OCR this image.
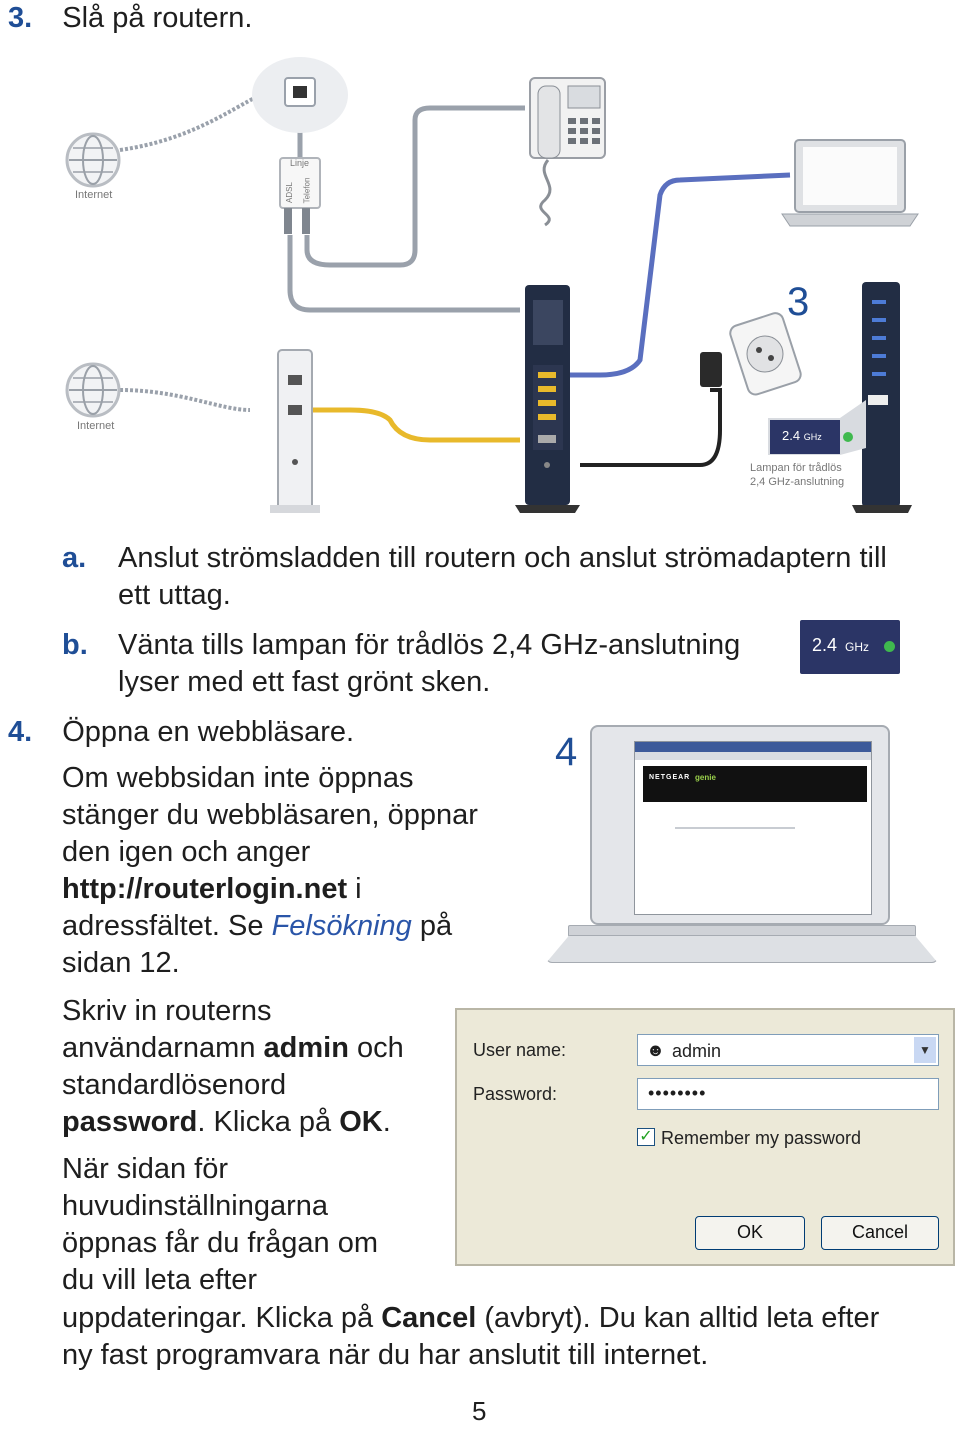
3. Slå på routern.
Internet
Internet
Linje
ADSL Telefon
3
2.4 GHz
Lampan för trådlös
2,4 GHz-anslutning
a. Anslut strömsladden till routern och anslut strömadaptern till
ett uttag.
b. Vänta tills lampan för trådlös 2,4 GHz-anslutning
lyser med ett fast grönt sken.
2.4 GHz
4. Öppna en webbläsare.	4
Om webbsidan inte öppnas
stänger du webbläsaren, öppnar
den igen och anger
http://routerlogin.net i
adressfältet. Se Felsökning på
sidan 12.
Skriv in routerns
användarnamn admin och
standardlösenord
password. Klicka på OK.
När sidan för
huvudinställningarna
öppnas får du frågan om
du vill leta efter
uppdateringar. Klicka på Cancel (avbryt). Du kan alltid leta efter
ny fast programvara när du har anslutit till internet.
NETGEAR genie
User name:	☻ admin	▼
Password:	••••••••
✓ Remember my password
OK	Cancel
5
